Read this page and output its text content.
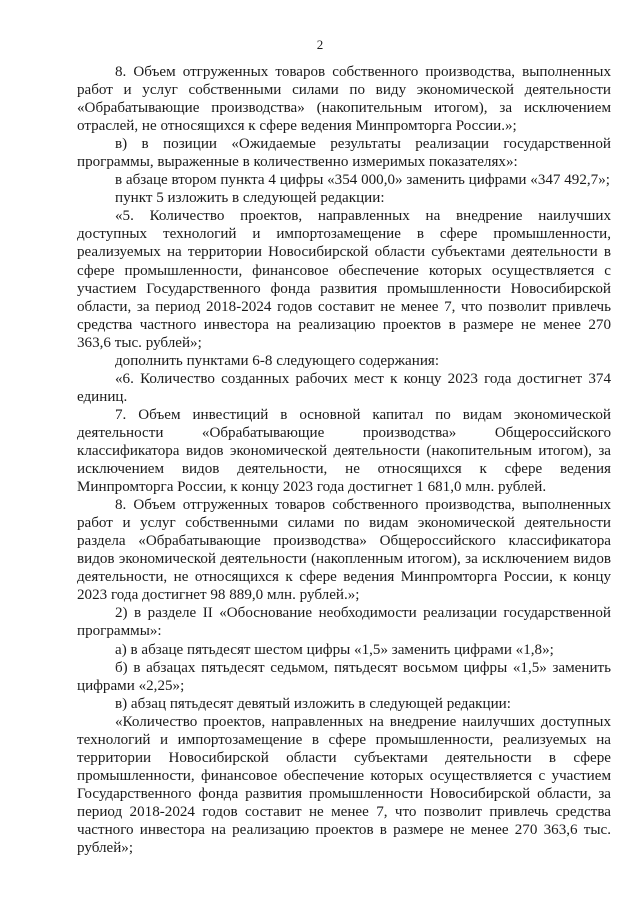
2

8. Объем отгруженных товаров собственного производства, выполненных работ и услуг собственными силами по виду экономической деятельности «Обрабатывающие производства» (накопительным итогом), за исключением отраслей, не относящихся к сфере ведения Минпромторга России.»;

в) в позиции «Ожидаемые результаты реализации государственной программы, выраженные в количественно измеримых показателях»:

в абзаце втором пункта 4 цифры «354 000,0» заменить цифрами «347 492,7»;

пункт 5 изложить в следующей редакции:

«5. Количество проектов, направленных на внедрение наилучших доступных технологий и импортозамещение в сфере промышленности, реализуемых на территории Новосибирской области субъектами деятельности в сфере промышленности, финансовое обеспечение которых осуществляется с участием Государственного фонда развития промышленности Новосибирской области, за период 2018-2024 годов составит не менее 7, что позволит привлечь средства частного инвестора на реализацию проектов в размере не менее 270 363,6 тыс. рублей»;

дополнить пунктами 6-8 следующего содержания:

«6. Количество созданных рабочих мест к концу 2023 года достигнет 374 единиц.

7. Объем инвестиций в основной капитал по видам экономической деятельности «Обрабатывающие производства» Общероссийского классификатора видов экономической деятельности (накопительным итогом), за исключением видов деятельности, не относящихся к сфере ведения Минпромторга России, к концу 2023 года достигнет 1 681,0 млн. рублей.

8. Объем отгруженных товаров собственного производства, выполненных работ и услуг собственными силами по видам экономической деятельности раздела «Обрабатывающие производства» Общероссийского классификатора видов экономической деятельности (накопленным итогом), за исключением видов деятельности, не относящихся к сфере ведения Минпромторга России, к концу 2023 года достигнет 98 889,0 млн. рублей.»;

2) в разделе II «Обоснование необходимости реализации государственной программы»:

а) в абзаце пятьдесят шестом цифры «1,5» заменить цифрами «1,8»;

б) в абзацах пятьдесят седьмом, пятьдесят восьмом цифры «1,5» заменить цифрами «2,25»;

в) абзац пятьдесят девятый изложить в следующей редакции:

«Количество проектов, направленных на внедрение наилучших доступных технологий и импортозамещение в сфере промышленности, реализуемых на территории Новосибирской области субъектами деятельности в сфере промышленности, финансовое обеспечение которых осуществляется с участием Государственного фонда развития промышленности Новосибирской области, за период 2018-2024 годов составит не менее 7, что позволит привлечь средства частного инвестора на реализацию проектов в размере не менее 270 363,6 тыс. рублей»;
